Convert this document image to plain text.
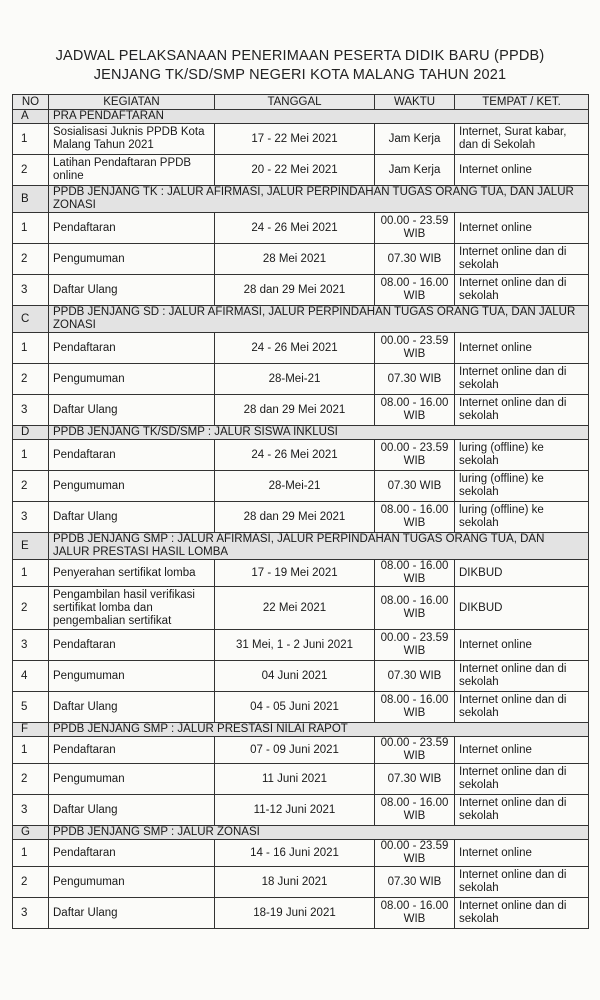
JADWAL PELAKSANAAN PENERIMAAN PESERTA DIDIK BARU (PPDB)
JENJANG TK/SD/SMP NEGERI KOTA MALANG TAHUN 2021
NO	KEGIATAN	TANGGAL	WAKTU	TEMPAT / KET.
A	PRA PENDAFTARAN			
1	Sosialisasi Juknis PPDB Kota Malang Tahun 2021	17 - 22 Mei 2021	Jam Kerja	Internet, Surat kabar, dan di Sekolah
2	Latihan Pendaftaran PPDB online	20 - 22 Mei 2021	Jam Kerja	Internet online
B	PPDB JENJANG TK : JALUR AFIRMASI, JALUR PERPINDAHAN TUGAS ORANG TUA, DAN JALUR ZONASI			
1	Pendaftaran	24 - 26 Mei 2021	00.00 - 23.59 WIB	Internet online
2	Pengumuman	28 Mei 2021	07.30 WIB	Internet online dan di sekolah
3	Daftar Ulang	28 dan 29 Mei 2021	08.00 - 16.00 WIB	Internet online dan di sekolah
C	PPDB JENJANG SD : JALUR AFIRMASI, JALUR PERPINDAHAN TUGAS ORANG TUA, DAN JALUR ZONASI			
1	Pendaftaran	24 - 26 Mei 2021	00.00 - 23.59 WIB	Internet online
2	Pengumuman	28-Mei-21	07.30 WIB	Internet online dan di sekolah
3	Daftar Ulang	28 dan 29 Mei 2021	08.00 - 16.00 WIB	Internet online dan di sekolah
D	PPDB JENJANG TK/SD/SMP : JALUR SISWA INKLUSI			
1	Pendaftaran	24 - 26 Mei 2021	00.00 - 23.59 WIB	luring (offline) ke sekolah
2	Pengumuman	28-Mei-21	07.30 WIB	luring (offline) ke sekolah
3	Daftar Ulang	28 dan 29 Mei 2021	08.00 - 16.00 WIB	luring (offline) ke sekolah
E	PPDB JENJANG SMP : JALUR AFIRMASI, JALUR PERPINDAHAN TUGAS ORANG TUA, DAN JALUR PRESTASI HASIL LOMBA			
1	Penyerahan sertifikat lomba	17 - 19 Mei 2021	08.00 - 16.00 WIB	DIKBUD
2	Pengambilan hasil verifikasi sertifikat lomba dan pengembalian sertifikat	22 Mei 2021	08.00 - 16.00 WIB	DIKBUD
3	Pendaftaran	31 Mei, 1 - 2 Juni 2021	00.00 - 23.59 WIB	Internet online
4	Pengumuman	04 Juni 2021	07.30 WIB	Internet online dan di sekolah
5	Daftar Ulang	04 - 05 Juni 2021	08.00 - 16.00 WIB	Internet online dan di sekolah
F	PPDB JENJANG SMP : JALUR PRESTASI NILAI RAPOT			
1	Pendaftaran	07 - 09 Juni 2021	00.00 - 23.59 WIB	Internet online
2	Pengumuman	11 Juni 2021	07.30 WIB	Internet online dan di sekolah
3	Daftar Ulang	11-12 Juni 2021	08.00 - 16.00 WIB	Internet online dan di sekolah
G	PPDB JENJANG SMP : JALUR ZONASI			
1	Pendaftaran	14 - 16 Juni 2021	00.00 - 23.59 WIB	Internet online
2	Pengumuman	18 Juni 2021	07.30 WIB	Internet online dan di sekolah
3	Daftar Ulang	18-19 Juni 2021	08.00 - 16.00 WIB	Internet online dan di sekolah
